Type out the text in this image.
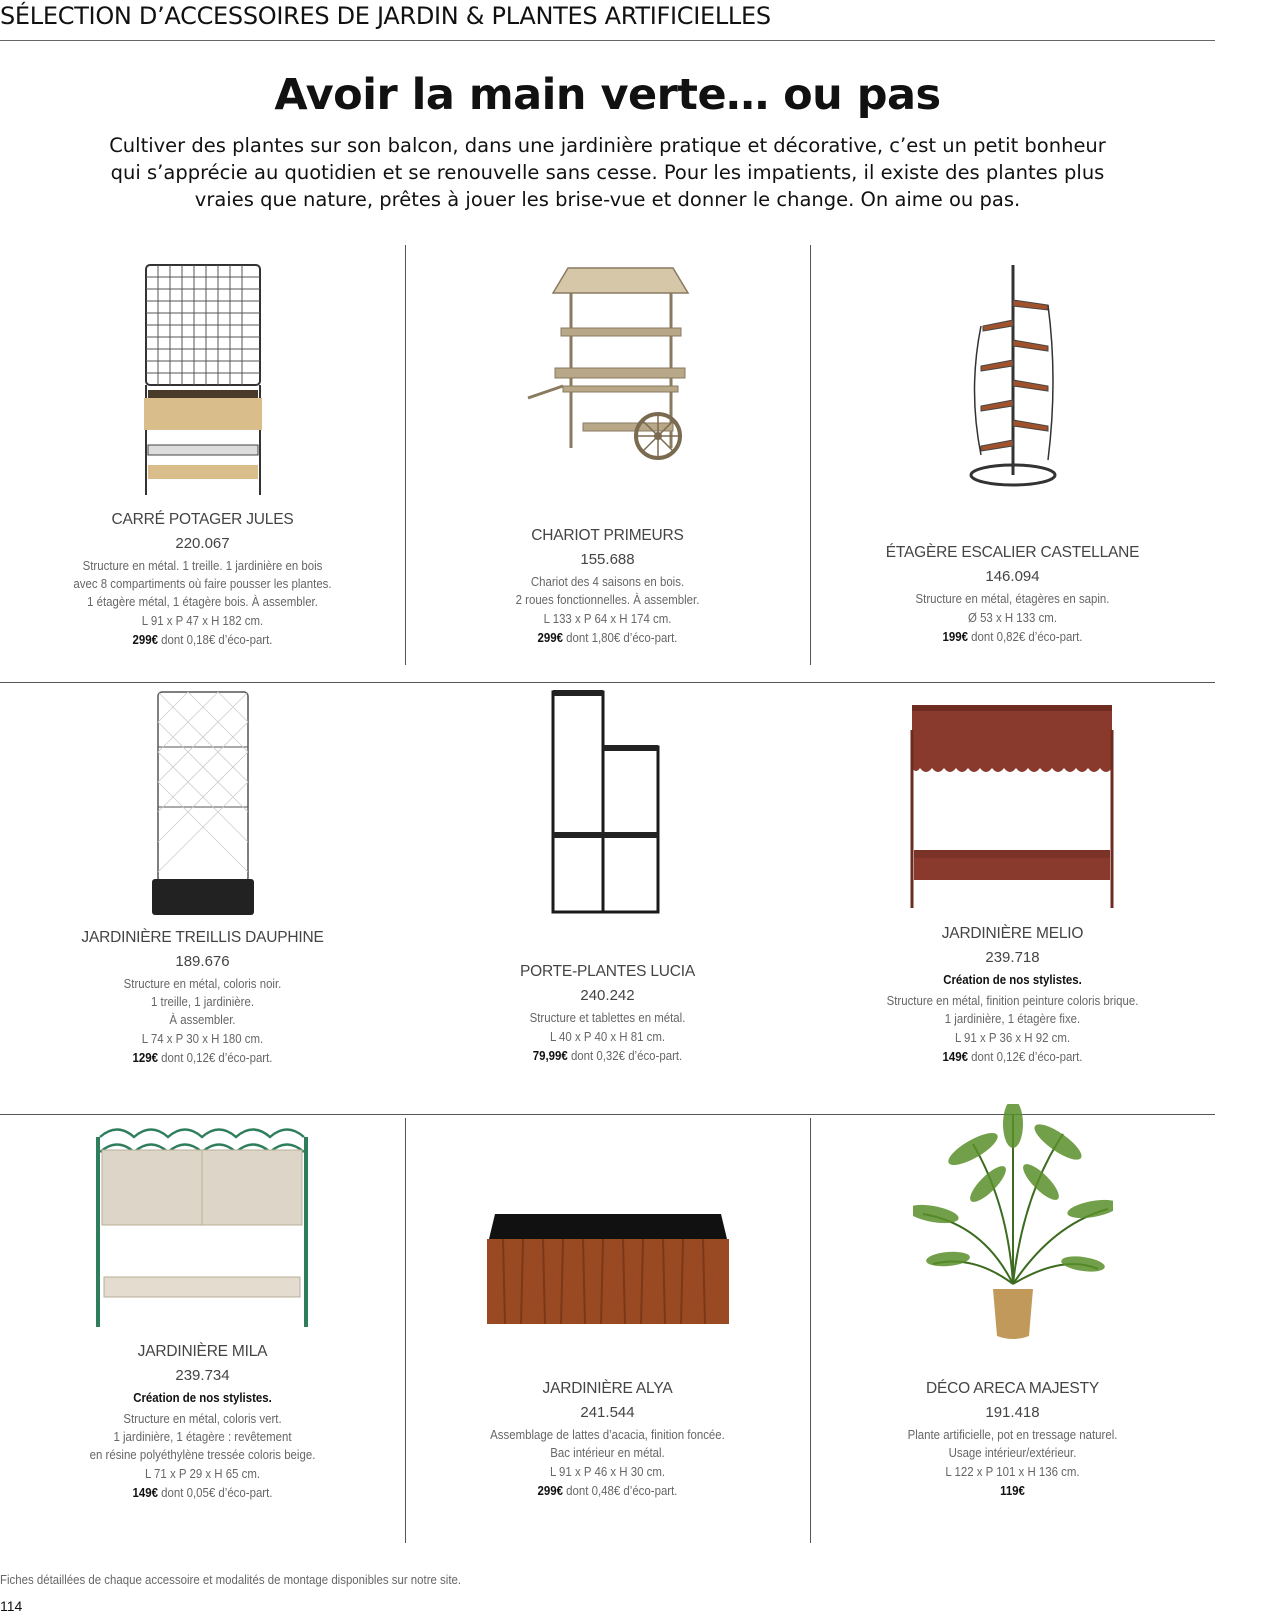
SÉLECTION D’ACCESSOIRES DE JARDIN & PLANTES ARTIFICIELLES
Avoir la main verte… ou pas

Cultiver des plantes sur son balcon, dans une jardinière pratique et décorative, c’est un petit bonheur qui s’apprécie au quotidien et se renouvelle sans cesse. Pour les impatients, il existe des plantes plus vraies que nature, prêtes à jouer les brise-vue et donner le change. On aime ou pas.

CARRÉ POTAGER JULES
220.067
Structure en métal. 1 treille. 1 jardinière en bois
avec 8 compartiments où faire pousser les plantes.
1 étagère métal, 1 étagère bois. À assembler.
L 91 x P 47 x H 182 cm.
299€ dont 0,18€ d’éco-part.
CHARIOT PRIMEURS
155.688
Chariot des 4 saisons en bois.
2 roues fonctionnelles. À assembler.
L 133 x P 64 x H 174 cm.
299€ dont 1,80€ d’éco-part.
ÉTAGÈRE ESCALIER CASTELLANE
146.094
Structure en métal, étagères en sapin.
Ø 53 x H 133 cm.
199€ dont 0,82€ d’éco-part.
JARDINIÈRE TREILLIS DAUPHINE
189.676
Structure en métal, coloris noir.
1 treille, 1 jardinière.
À assembler.
L 74 x P 30 x H 180 cm.
129€ dont 0,12€ d’éco-part.
PORTE-PLANTES LUCIA
240.242
Structure et tablettes en métal.
L 40 x P 40 x H 81 cm.
79,99€ dont 0,32€ d’éco-part.
JARDINIÈRE MELIO
239.718
Création de nos stylistes.
Structure en métal, finition peinture coloris brique.
1 jardinière, 1 étagère fixe.
L 91 x P 36 x H 92 cm.
149€ dont 0,12€ d’éco-part.
JARDINIÈRE MILA
239.734
Création de nos stylistes.
Structure en métal, coloris vert.
1 jardinière, 1 étagère : revêtement
en résine polyéthylène tressée coloris beige.
L 71 x P 29 x H 65 cm.
149€ dont 0,05€ d’éco-part.
JARDINIÈRE ALYA
241.544
Assemblage de lattes d’acacia, finition foncée.
Bac intérieur en métal.
L 91 x P 46 x H 30 cm.
299€ dont 0,48€ d’éco-part.
DÉCO ARECA MAJESTY
191.418
Plante artificielle, pot en tressage naturel.
Usage intérieur/extérieur.
L 122 x P 101 x H 136 cm.
119€
Fiches détaillées de chaque accessoire et modalités de montage disponibles sur notre site.
114
